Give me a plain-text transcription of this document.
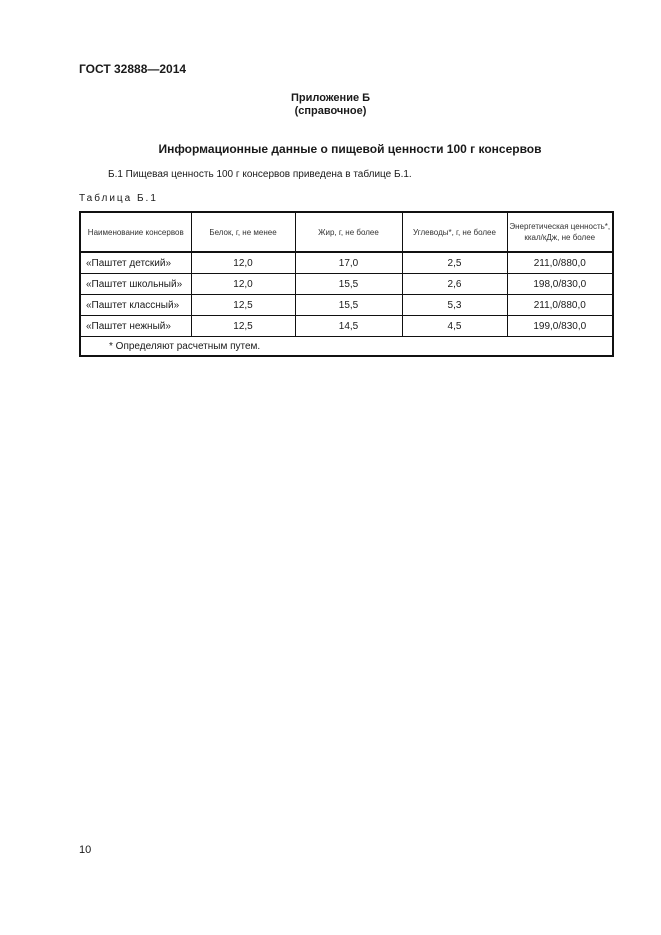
ГОСТ 32888—2014
Приложение Б
(справочное)
Информационные данные о пищевой ценности 100 г консервов
Б.1 Пищевая ценность 100 г консервов приведена в таблице Б.1.
Таблица Б.1
Наименование консервов	Белок, г, не менее	Жир, г, не более	Углеводы*, г, не более	Энергетическая ценность*, ккал/кДж, не более
«Паштет детский»	12,0	17,0	2,5	211,0/880,0
«Паштет школьный»	12,0	15,5	2,6	198,0/830,0
«Паштет классный»	12,5	15,5	5,3	211,0/880,0
«Паштет нежный»	12,5	14,5	4,5	199,0/830,0
* Определяют расчетным путем.				
10
